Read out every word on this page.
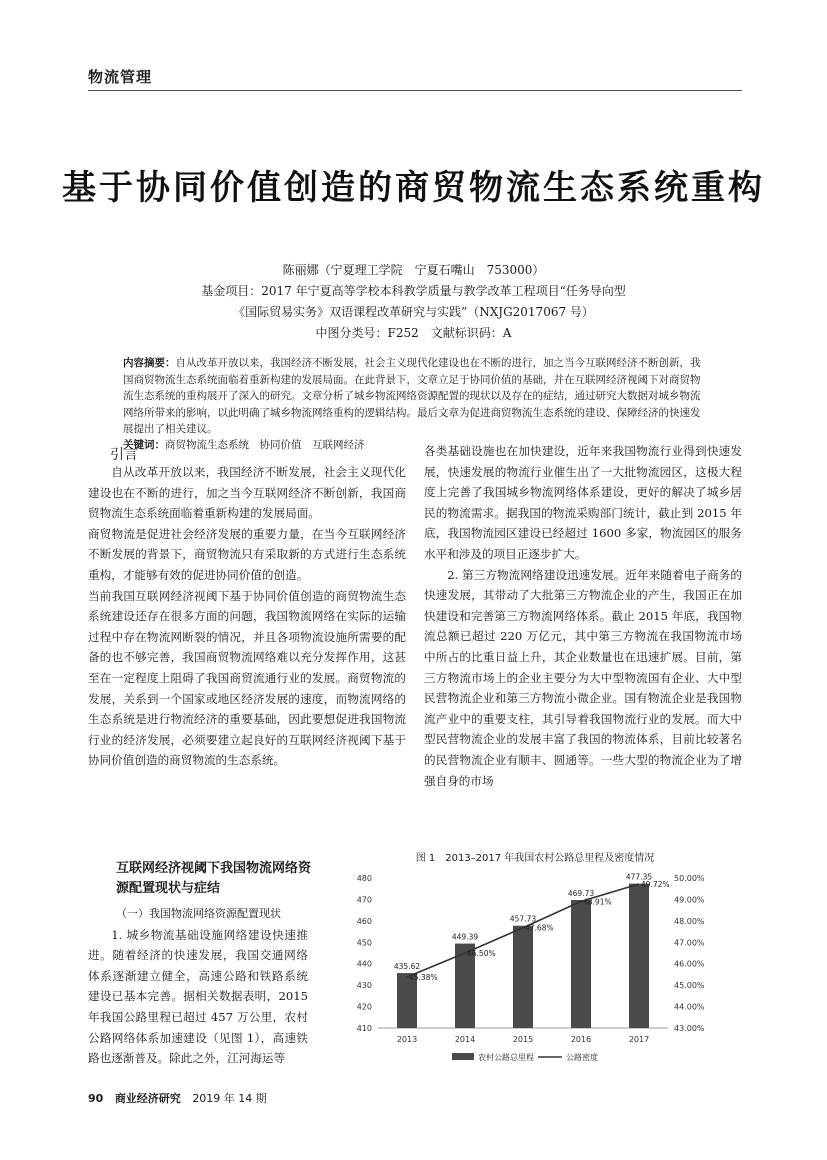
物流管理
基于协同价值创造的商贸物流生态系统重构
陈丽娜（宁夏理工学院　宁夏石嘴山　753000）
基金项目：2017 年宁夏高等学校本科教学质量与教学改革工程项目“任务导向型
《国际贸易实务》双语课程改革研究与实践”（NXJG2017067 号）
中图分类号：F252　文献标识码：A
内容摘要：自从改革开放以来，我国经济不断发展，社会主义现代化建设也在不断的进行，加之当今互联网经济不断创新，我国商贸物流生态系统面临着重新构建的发展局面。在此背景下，文章立足于协同价值的基础，并在互联网经济视阈下对商贸物流生态系统的重构展开了深入的研究。文章分析了城乡物流网络资源配置的现状以及存在的症结，通过研究大数据对城乡物流网络所带来的影响，以此明确了城乡物流网络重构的逻辑结构。最后文章为促进商贸物流生态系统的建设、保障经济的快速发展提出了相关建议。
关键词：商贸物流生态系统　协同价值　互联网经济
引言

自从改革开放以来，我国经济不断发展，社会主义现代化建设也在不断的进行，加之当今互联网经济不断创新，我国商贸物流生态系统面临着重新构建的发展局面。

商贸物流是促进社会经济发展的重要力量，在当今互联网经济不断发展的背景下，商贸物流只有采取新的方式进行生态系统重构，才能够有效的促进协同价值的创造。

当前我国互联网经济视阈下基于协同价值创造的商贸物流生态系统建设还存在很多方面的问题，我国物流网络在实际的运输过程中存在物流网断裂的情况，并且各项物流设施所需要的配备的也不够完善，我国商贸物流网络难以充分发挥作用，这甚至在一定程度上阻碍了我国商贸流通行业的发展。商贸物流的发展，关系到一个国家或地区经济发展的速度，而物流网络的生态系统是进行物流经济的重要基础，因此要想促进我国物流行业的经济发展，必须要建立起良好的互联网经济视阈下基于协同价值创造的商贸物流的生态系统。

各类基础设施也在加快建设，近年来我国物流行业得到快速发展，快速发展的物流行业催生出了一大批物流园区，这极大程度上完善了我国城乡物流网络体系建设，更好的解决了城乡居民的物流需求。据我国的物流采购部门统计，截止到 2015 年底，我国物流园区建设已经超过 1600 多家，物流园区的服务水平和涉及的项目正逐步扩大。

2. 第三方物流网络建设迅速发展。近年来随着电子商务的快速发展，其带动了大批第三方物流企业的产生，我国正在加快建设和完善第三方物流网络体系。截止 2015 年底，我国物流总额已超过 220 万亿元，其中第三方物流在我国物流市场中所占的比重日益上升，其企业数量也在迅速扩展。目前，第三方物流市场上的企业主要分为大中型物流国有企业、大中型民营物流企业和第三方物流小微企业。国有物流企业是我国物流产业中的重要支柱，其引导着我国物流行业的发展。而大中型民营物流企业的发展丰富了我国的物流体系，目前比较著名的民营物流企业有顺丰、圆通等。一些大型的物流企业为了增强自身的市场

互联网经济视阈下我国物流网络资源配置现状与症结

（一）我国物流网络资源配置现状

1. 城乡物流基础设施网络建设快速推进。随着经济的快速发展，我国交通网络体系逐渐建立健全，高速公路和铁路系统建设已基本完善。据相关数据表明，2015 年我国公路里程已超过 457 万公里，农村公路网络体系加速建设（见图 1），高速铁路也逐渐普及。除此之外，江河海运等

图 1　2013–2017 年我国农村公路总里程及密度情况
410
420
430
440
450
460
470
480
43.00%
44.00%
45.00%
46.00%
47.00%
48.00%
49.00%
50.00%
435.62
2013
449.39
2014
457.73
2015
469.73
2016
477.35
2017
45.38%
46.50%
47.68%
48.91%
49.72%
农村公路总里程	公路密度
90 商业经济研究 2019 年 14 期
